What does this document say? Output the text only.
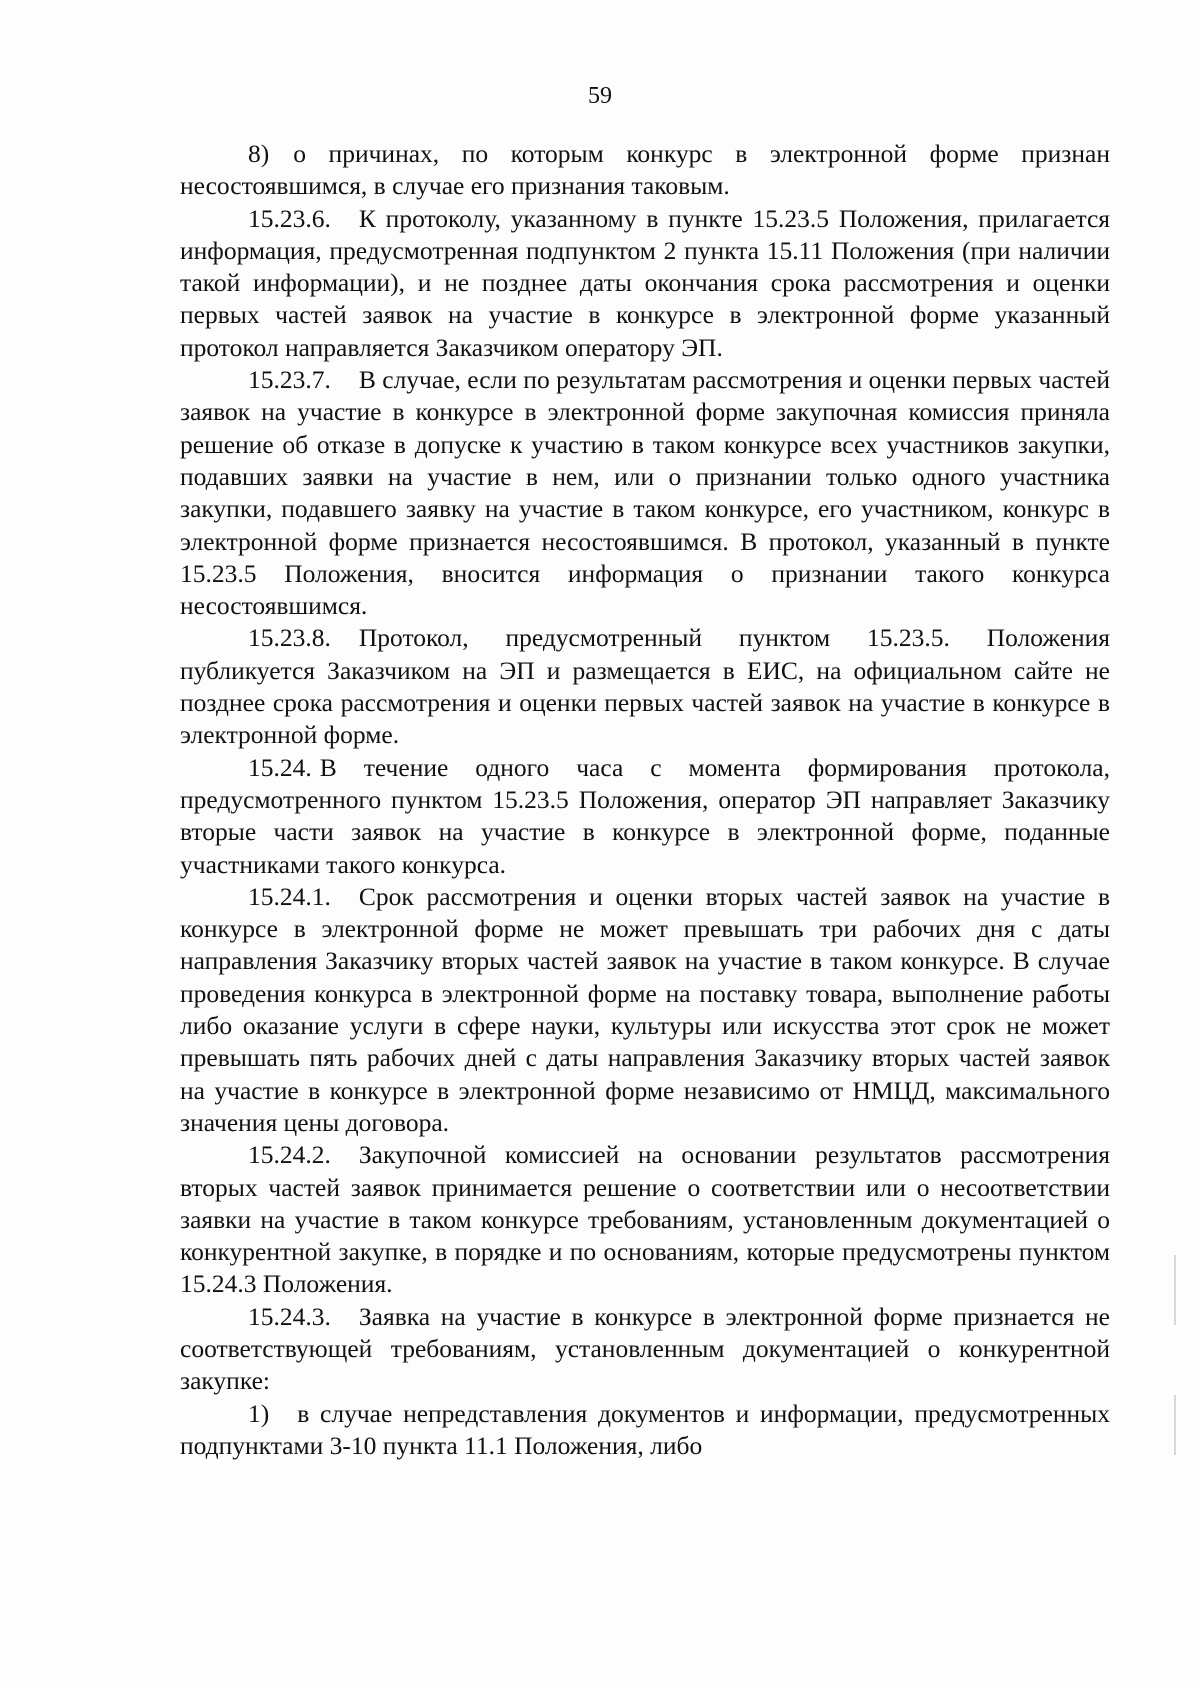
59

8) о причинах, по которым конкурс в электронной форме признан несостоявшимся, в случае его признания таковым.

15.23.6. К протоколу, указанному в пункте 15.23.5 Положения, прилагается информация, предусмотренная подпунктом 2 пункта 15.11 Положения (при наличии такой информации), и не позднее даты окончания срока рассмотрения и оценки первых частей заявок на участие в конкурсе в электронной форме указанный протокол направляется Заказчиком оператору ЭП.

15.23.7. В случае, если по результатам рассмотрения и оценки первых частей заявок на участие в конкурсе в электронной форме закупочная комиссия приняла решение об отказе в допуске к участию в таком конкурсе всех участников закупки, подавших заявки на участие в нем, или о признании только одного участника закупки, подавшего заявку на участие в таком конкурсе, его участником, конкурс в электронной форме признается несостоявшимся. В протокол, указанный в пункте 15.23.5 Положения, вносится информация о признании такого конкурса несостоявшимся.

15.23.8. Протокол, предусмотренный пунктом 15.23.5. Положения публикуется Заказчиком на ЭП и размещается в ЕИС, на официальном сайте не позднее срока рассмотрения и оценки первых частей заявок на участие в конкурсе в электронной форме.

15.24. В течение одного часа с момента формирования протокола, предусмотренного пунктом 15.23.5 Положения, оператор ЭП направляет Заказчику вторые части заявок на участие в конкурсе в электронной форме, поданные участниками такого конкурса.

15.24.1. Срок рассмотрения и оценки вторых частей заявок на участие в конкурсе в электронной форме не может превышать три рабочих дня с даты направления Заказчику вторых частей заявок на участие в таком конкурсе. В случае проведения конкурса в электронной форме на поставку товара, выполнение работы либо оказание услуги в сфере науки, культуры или искусства этот срок не может превышать пять рабочих дней с даты направления Заказчику вторых частей заявок на участие в конкурсе в электронной форме независимо от НМЦД, максимального значения цены договора.

15.24.2. Закупочной комиссией на основании результатов рассмотрения вторых частей заявок принимается решение о соответствии или о несоответствии заявки на участие в таком конкурсе требованиям, установленным документацией о конкурентной закупке, в порядке и по основаниям, которые предусмотрены пунктом 15.24.3 Положения.

15.24.3. Заявка на участие в конкурсе в электронной форме признается не соответствующей требованиям, установленным документацией о конкурентной закупке:

1) в случае непредставления документов и информации, предусмотренных подпунктами 3-10 пункта 11.1 Положения, либо
